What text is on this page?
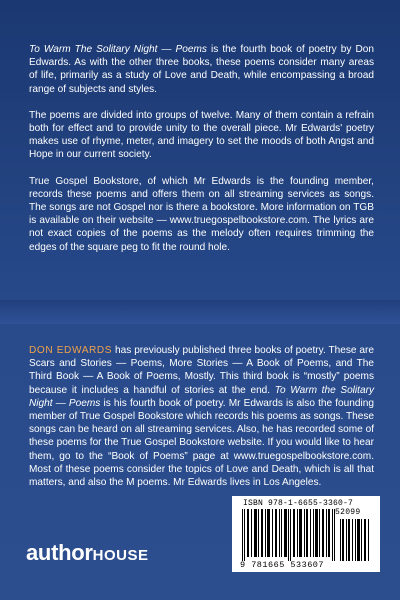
To Warm The Solitary Night — Poems is the fourth book of poetry by Don Edwards. As with the other three books, these poems consider many areas of life, primarily as a study of Love and Death, while encompassing a broad range of subjects and styles.

The poems are divided into groups of twelve. Many of them contain a refrain both for effect and to provide unity to the overall piece. Mr Edwards' poetry makes use of rhyme, meter, and imagery to set the moods of both Angst and Hope in our current society.

True Gospel Bookstore, of which Mr Edwards is the founding member, records these poems and offers them on all streaming services as songs. The songs are not Gospel nor is there a bookstore. More information on TGB is available on their website — www.truegospelbookstore.com. The lyrics are not exact copies of the poems as the melody often requires trimming the edges of the square peg to fit the round hole.

DON EDWARDS has previously published three books of poetry. These are Scars and Stories — Poems, More Stories — A Book of Poems, and The Third Book — A Book of Poems, Mostly. This third book is “mostly” poems because it includes a handful of stories at the end. To Warm the Solitary Night — Poems is his fourth book of poetry. Mr Edwards is also the founding member of True Gospel Bookstore which records his poems as songs. These songs can be heard on all streaming services. Also, he has recorded some of these poems for the True Gospel Bookstore website. If you would like to hear them, go to the “Book of Poems” page at www.truegospelbookstore.com. Most of these poems consider the topics of Love and Death, which is all that matters, and also the M poems. Mr Edwards lives in Los Angeles.
ISBN 978-1-6655-3360-7
52099
9 781665 533607
authorHOUSE
